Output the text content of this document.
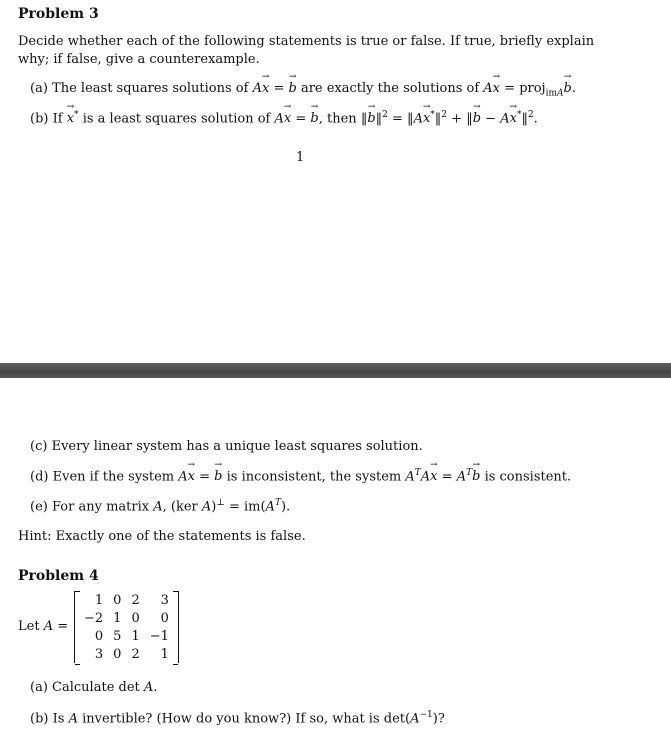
Problem 3
Decide whether each of the following statements is true or false. If true, briefly explain why; if false, give a counterexample.
(a) The least squares solutions of A→ x = → b are exactly the solutions of A→ x = proj$_{imA}$→ b.
(b) If → x* is a least squares solution of A→ x = → b, then ‖→ b‖$^2$ = ‖A→ x*‖$^2$ + ‖→ b − A→ x*‖$^2$.
1
(c) Every linear system has a unique least squares solution.
(d) Even if the system A→ x = → b is inconsistent, the system $A^TA\to x = A^T\to b$ is consistent.
(e) For any matrix A, (ker $A)^\perp = im(A^T)$.
Hint: Exactly one of the statements is false.
Problem 4
Let A =
1	0	2	3
−2	1	0	0
0	5	1	−1
3	0	2	1
(a) Calculate det A.
(b) Is A invertible? (How do you know?) If so, what is $\det(A^{-1})$?
